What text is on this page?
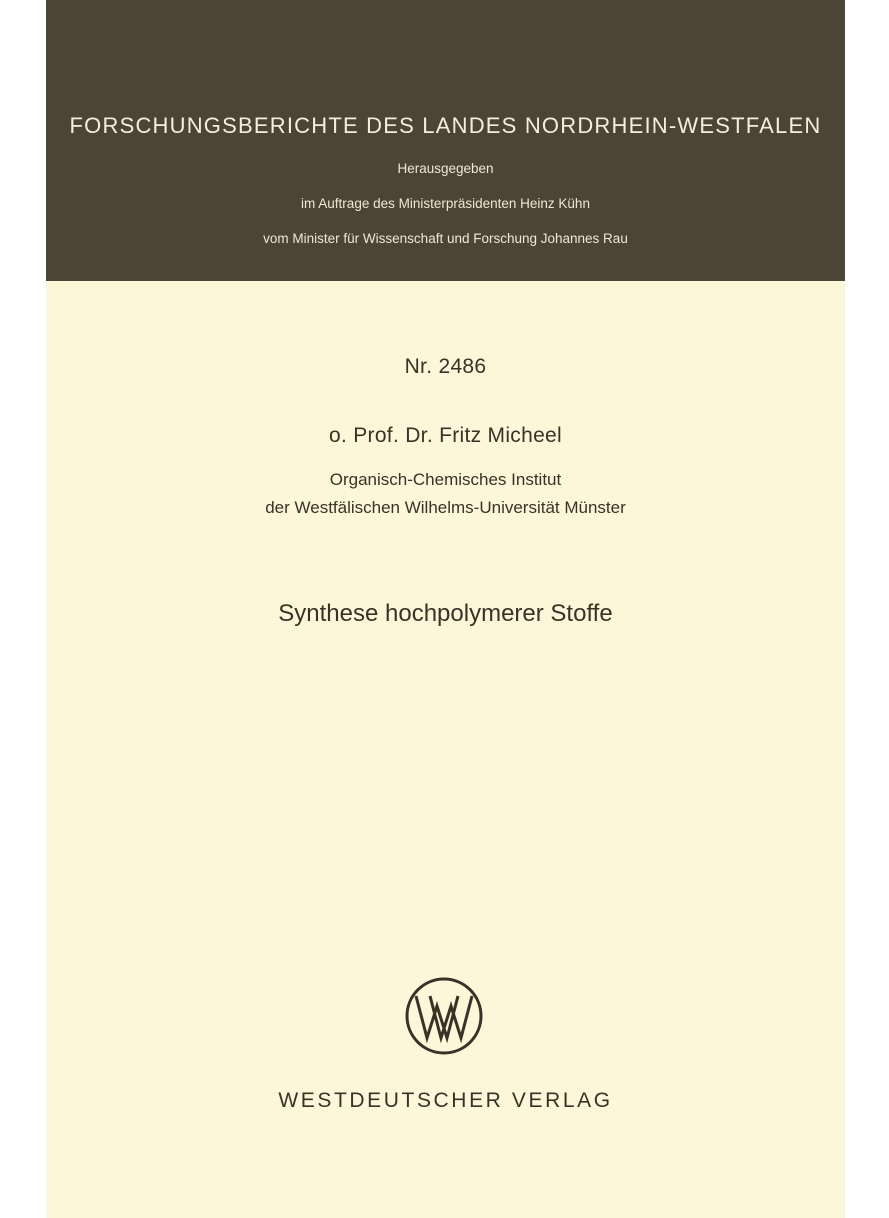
FORSCHUNGSBERICHTE DES LANDES NORDRHEIN-WESTFALEN
Herausgegeben
im Auftrage des Ministerpräsidenten Heinz Kühn
vom Minister für Wissenschaft und Forschung Johannes Rau
Nr. 2486
o. Prof. Dr. Fritz Micheel
Organisch-Chemisches Institut
der Westfälischen Wilhelms-Universität Münster
Synthese hochpolymerer Stoffe
WESTDEUTSCHER VERLAG
